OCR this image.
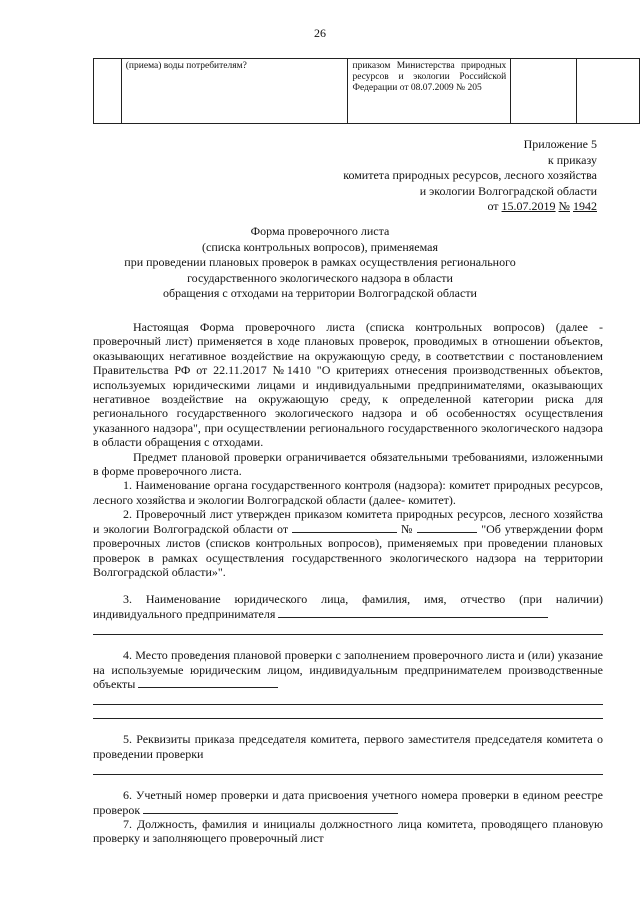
26
	(приема) воды потребителям?	приказом Министерства природных ресурсов и экологии Российской Федерации от 08.07.2009 № 205		
Приложение 5
к приказу
комитета природных ресурсов, лесного хозяйства
и экологии Волгоградской области
от 15.07.2019 № 1942
Форма проверочного листа
(списка контрольных вопросов), применяемая
при проведении плановых проверок в рамках осуществления регионального
государственного экологического надзора в области
обращения с отходами на территории Волгоградской области

Настоящая Форма проверочного листа (списка контрольных вопросов) (далее - проверочный лист) применяется в ходе плановых проверок, проводимых в отношении объектов, оказывающих негативное воздействие на окружающую среду, в соответствии с постановлением Правительства РФ от 22.11.2017 №1410 "О критериях отнесения производственных объектов, используемых юридическими лицами и индивидуальными предпринимателями, оказывающих негативное воздействие на окружающую среду, к определенной категории риска для регионального государственного экологического надзора и об особенностях осуществления указанного надзора", при осуществлении регионального государственного экологического надзора в области обращения с отходами.

Предмет плановой проверки ограничивается обязательными требованиями, изложенными в форме проверочного листа.

1. Наименование органа государственного контроля (надзора): комитет природных ресурсов, лесного хозяйства и экологии Волгоградской области (далее- комитет).

2. Проверочный лист утвержден приказом комитета природных ресурсов, лесного хозяйства и экологии Волгоградской области от	№	"Об утверждении форм проверочных листов (списков контрольных вопросов), применяемых при проведении плановых проверок в рамках осуществления государственного экологического надзора на территории Волгоградской области»".

3. Наименование юридического лица, фамилия, имя, отчество (при наличии) индивидуального предпринимателя

4. Место проведения плановой проверки с заполнением проверочного листа и (или) указание на используемые юридическим лицом, индивидуальным предпринимателем производственные объекты

5. Реквизиты приказа председателя комитета, первого заместителя председателя комитета о проведении проверки

6. Учетный номер проверки и дата присвоения учетного номера проверки в едином реестре проверок

7. Должность, фамилия и инициалы должностного лица комитета, проводящего плановую проверку и заполняющего проверочный лист
